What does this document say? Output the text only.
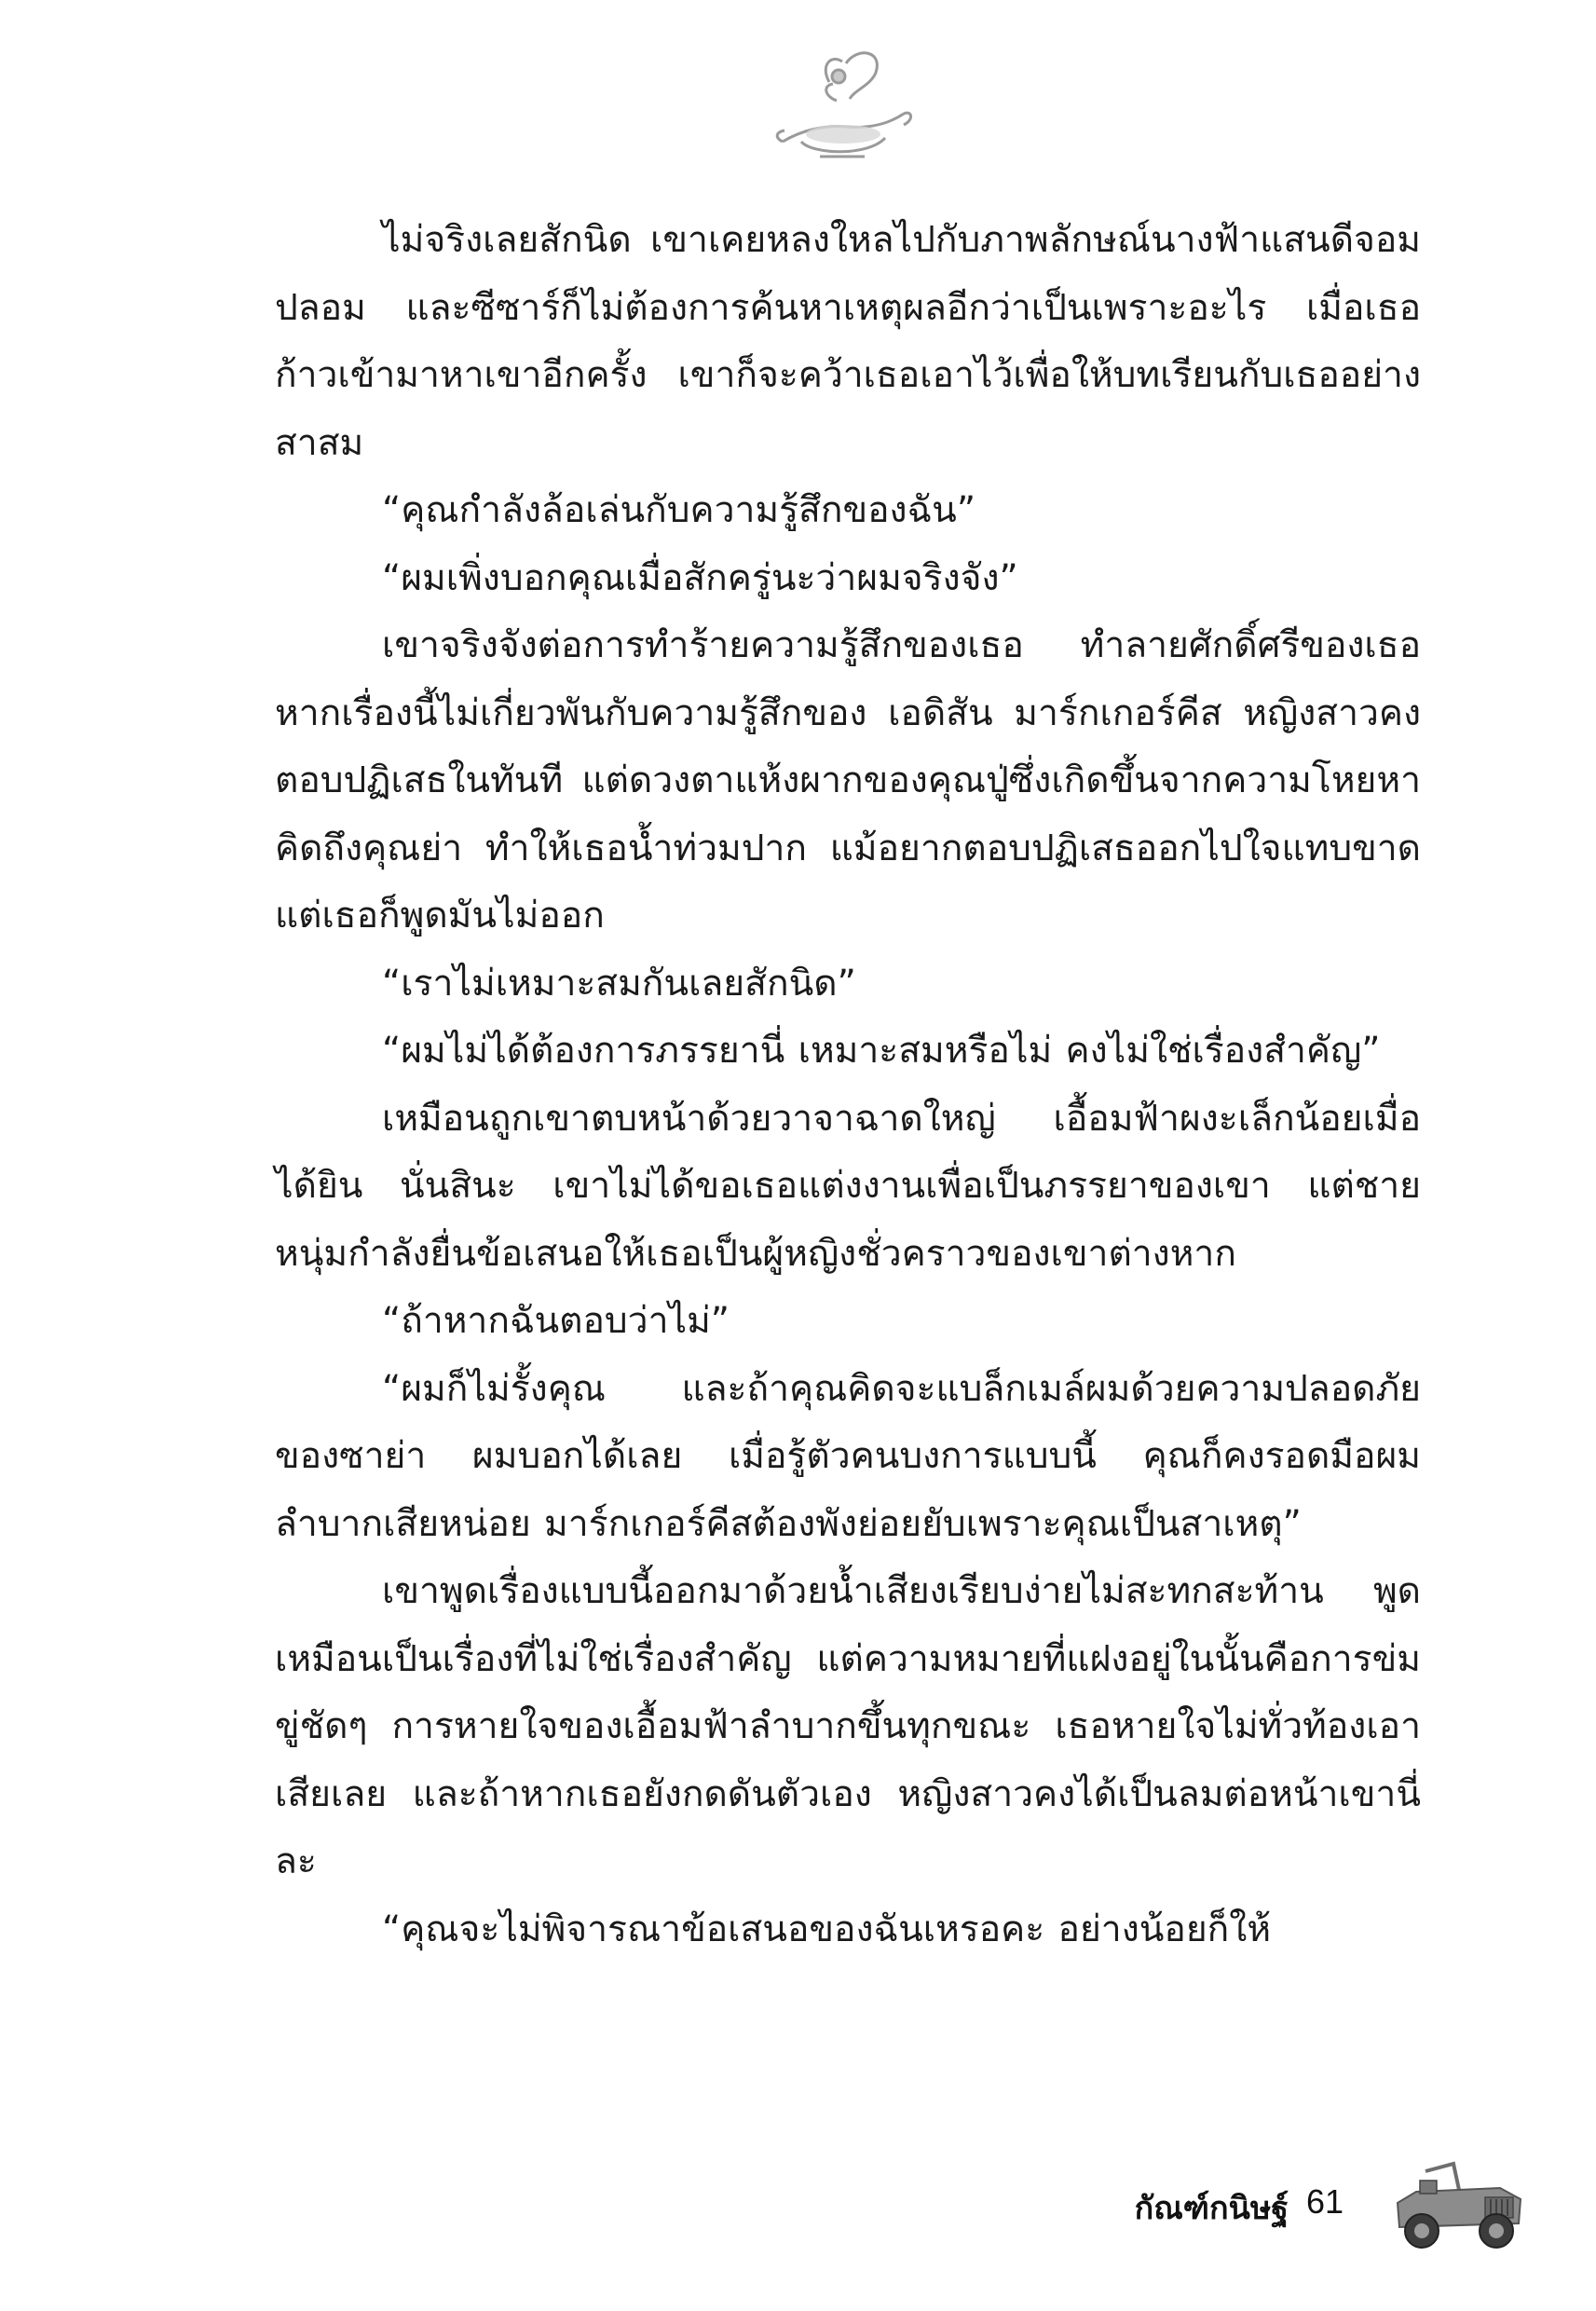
ไม่จริงเลยสักนิด เขาเคยหลงใหลไปกับภาพลักษณ์นางฟ้าแสนดีจอมปลอม และซีซาร์ก็ไม่ต้องการค้นหาเหตุผลอีกว่าเป็นเพราะอะไร เมื่อเธอก้าวเข้ามาหาเขาอีกครั้ง เขาก็จะคว้าเธอเอาไว้เพื่อให้บทเรียนกับเธออย่างสาสม

“คุณกำลังล้อเล่นกับความรู้สึกของฉัน”

“ผมเพิ่งบอกคุณเมื่อสักครู่นะว่าผมจริงจัง”

เขาจริงจังต่อการทำร้ายความรู้สึกของเธอ ทำลายศักดิ์ศรีของเธอ หากเรื่องนี้ไม่เกี่ยวพันกับความรู้สึกของ เอดิสัน มาร์กเกอร์คีส หญิงสาวคงตอบปฏิเสธในทันที แต่ดวงตาแห้งผากของคุณปู่ซึ่งเกิดขึ้นจากความโหยหา คิดถึงคุณย่า ทำให้เธอน้ำท่วมปาก แม้อยากตอบปฏิเสธออกไปใจแทบขาด แต่เธอก็พูดมันไม่ออก

“เราไม่เหมาะสมกันเลยสักนิด”

“ผมไม่ได้ต้องการภรรยานี่ เหมาะสมหรือไม่ คงไม่ใช่เรื่องสำคัญ”

เหมือนถูกเขาตบหน้าด้วยวาจาฉาดใหญ่ เอื้อมฟ้าผงะเล็กน้อยเมื่อได้ยิน นั่นสินะ เขาไม่ได้ขอเธอแต่งงานเพื่อเป็นภรรยาของเขา แต่ชายหนุ่มกำลังยื่นข้อเสนอให้เธอเป็นผู้หญิงชั่วคราวของเขาต่างหาก

“ถ้าหากฉันตอบว่าไม่”

“ผมก็ไม่รั้งคุณ และถ้าคุณคิดจะแบล็กเมล์ผมด้วยความปลอดภัยของซาย่า ผมบอกได้เลย เมื่อรู้ตัวคนบงการแบบนี้ คุณก็คงรอดมือผมลำบากเสียหน่อย มาร์กเกอร์คีสต้องพังย่อยยับเพราะคุณเป็นสาเหตุ”

เขาพูดเรื่องแบบนี้ออกมาด้วยน้ำเสียงเรียบง่ายไม่สะทกสะท้าน พูดเหมือนเป็นเรื่องที่ไม่ใช่เรื่องสำคัญ แต่ความหมายที่แฝงอยู่ในนั้นคือการข่มขู่ชัดๆ การหายใจของเอื้อมฟ้าลำบากขึ้นทุกขณะ เธอหายใจไม่ทั่วท้องเอาเสียเลย และถ้าหากเธอยังกดดันตัวเอง หญิงสาวคงได้เป็นลมต่อหน้าเขานี่ละ

“คุณจะไม่พิจารณาข้อเสนอของฉันเหรอคะ อย่างน้อยก็ให้

กัณฑ์กนิษฐ์ 61
